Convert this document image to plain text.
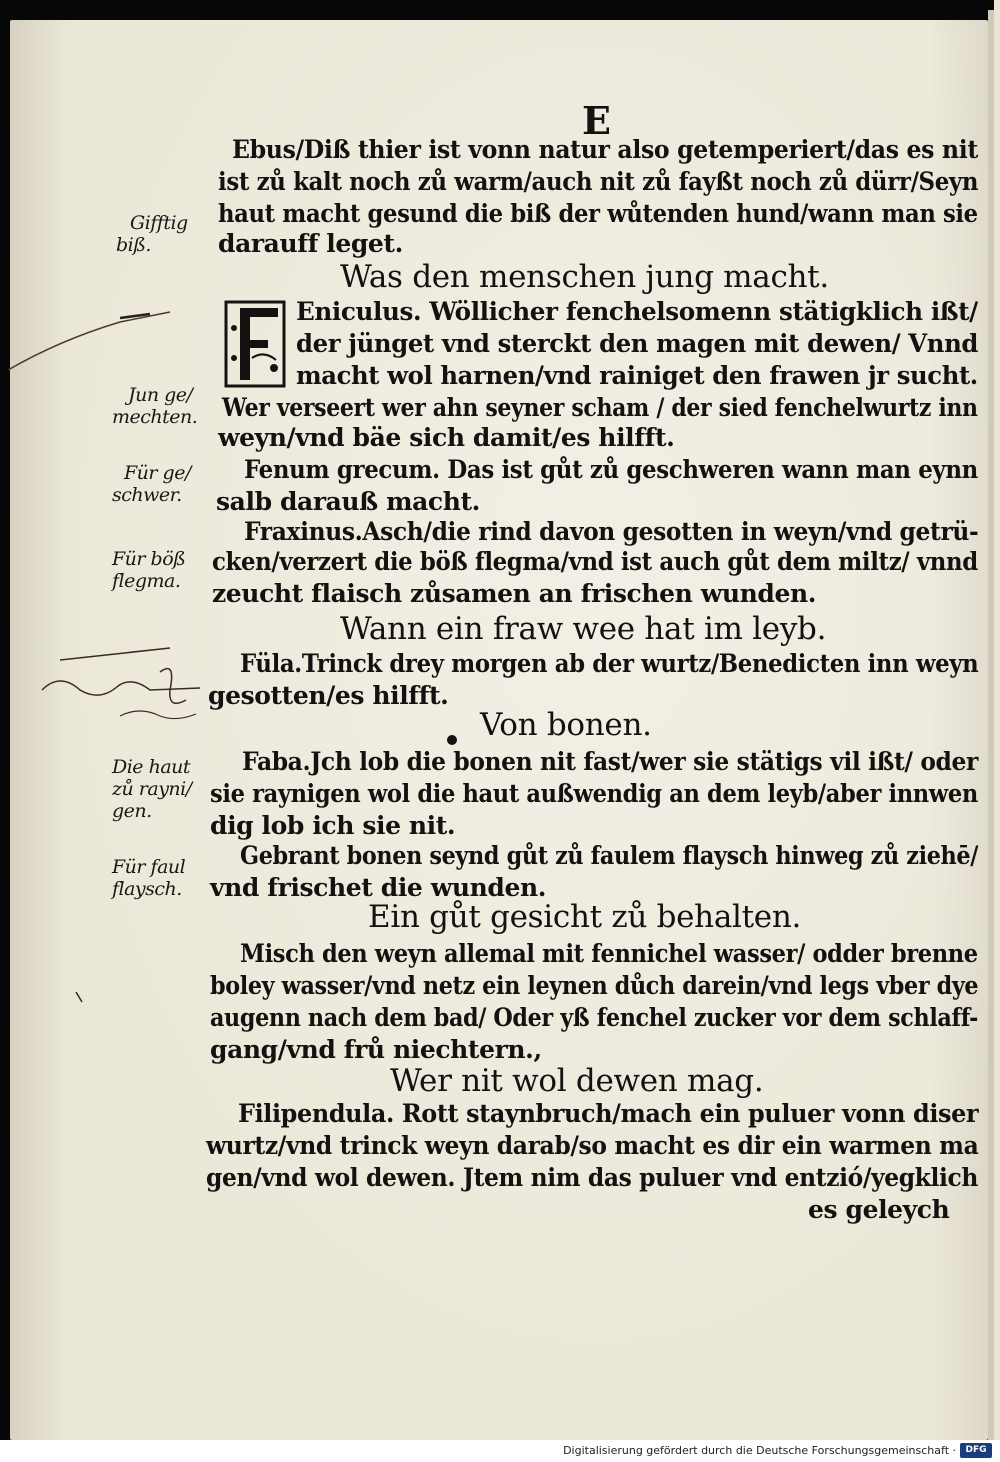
E
Ebus/Diß thier ist vonn natur also getemperiert/das es nit
ist zů kalt noch zů warm/auch nit zů fayßt noch zů dürr/Seyn
haut macht gesund die biß der wůtenden hund/wann man sie
darauff leget.
Was den menschen jung macht.
Eniculus. Wöllicher fenchelsomenn stätigklich ißt/
der jünget vnd sterckt den magen mit dewen/ Vnnd
macht wol harnen/vnd rainiget den frawen jr sucht.
Wer verseert wer ahn seyner scham / der sied fenchelwurtz inn
weyn/vnd bäe sich damit/es hilfft.
Fenum grecum. Das ist gůt zů geschweren wann man eynn
salb darauß macht.
Fraxinus.Asch/die rind davon gesotten in weyn/vnd getrü-
cken/verzert die böß flegma/vnd ist auch gůt dem miltz/ vnnd
zeucht flaisch zůsamen an frischen wunden.
Wann ein fraw wee hat im leyb.
Füla.Trinck drey morgen ab der wurtz/Benedicten inn weyn
gesotten/es hilfft.
Von bonen.
Faba.Jch lob die bonen nit fast/wer sie stätigs vil ißt/ oder
sie raynigen wol die haut außwendig an dem leyb/aber innwen
dig lob ich sie nit.
Gebrant bonen seynd gůt zů faulem flaysch hinweg zů ziehē/
vnd frischet die wunden.
Ein gůt gesicht zů behalten.
Misch den weyn allemal mit fennichel wasser/ odder brenne
boley wasser/vnd netz ein leynen důch darein/vnd legs vber dye
augenn nach dem bad/ Oder yß fenchel zucker vor dem schlaff-
gang/vnd frů niechtern.,
Wer nit wol dewen mag.
Filipendula. Rott staynbruch/mach ein puluer vonn diser
wurtz/vnd trinck weyn darab/so macht es dir ein warmen ma
gen/vnd wol dewen. Jtem nim das puluer vnd entzió/yegklich
es geleych
Gifftig
biß.
Jun ge/
mechten.
Für ge/
schwer.
Für böß
flegma.
Die haut
zů rayni/
gen.
Für faul
flaysch.
Digitalisierung gefördert durch die Deutsche Forschungsgemeinschaft ·	DFG
